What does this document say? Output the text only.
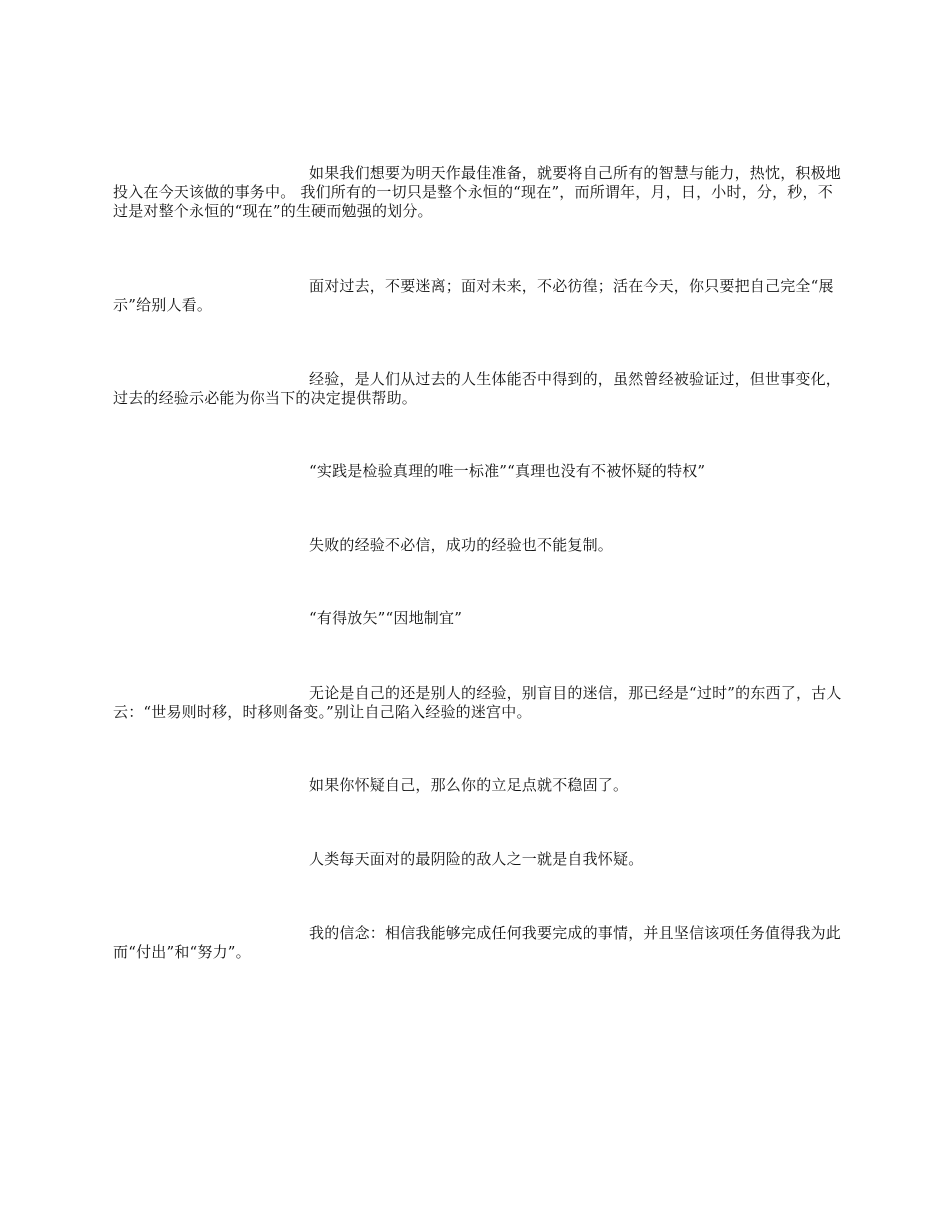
如果我们想要为明天作最佳准备，就要将自己所有的智慧与能力，热忱，积极地投入在今天该做的事务中。 我们所有的一切只是整个永恒的“现在”，而所谓年，月，日，小时，分，秒，不过是对整个永恒的“现在”的生硬而勉强的划分。

面对过去，不要迷离；面对未来，不必彷徨；活在今天，你只要把自己完全“展示”给别人看。

经验，是人们从过去的人生体能否中得到的，虽然曾经被验证过，但世事变化，过去的经验示必能为你当下的决定提供帮助。

“实践是检验真理的唯一标准”“真理也没有不被怀疑的特权”

失败的经验不必信，成功的经验也不能复制。

“有得放矢”“因地制宜”

无论是自己的还是别人的经验，别盲目的迷信，那已经是“过时”的东西了，古人云：“世易则时移，时移则备变。”别让自己陷入经验的迷宫中。

如果你怀疑自己，那么你的立足点就不稳固了。

人类每天面对的最阴险的敌人之一就是自我怀疑。

我的信念：相信我能够完成任何我要完成的事情，并且坚信该项任务值得我为此而“付出”和“努力”。
